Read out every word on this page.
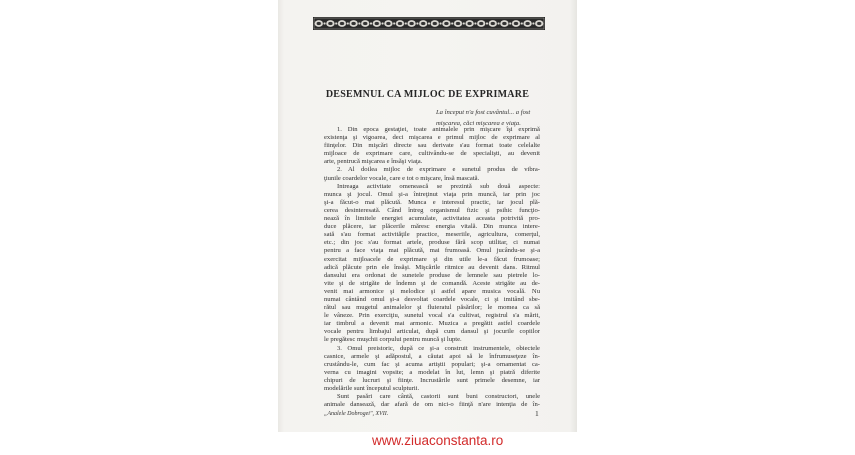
DESEMNUL CA MIJLOC DE EXPRIMARE
La început n'a fost cuvântul... a fost
mişcarea, căci mişcarea e viaţa.
1. Din epoca gestaţiei, toate animalele prin mişcare îşi exprimă
existenţa şi vigoarea, deci mişcarea e primul mijloc de exprimare al
fiinţelor. Din mişcări directe sau derivate s'au format toate celelalte
mijloace de exprimare care, cultivându-se de specialişti, au devenit
arte, pentrucă mişcarea e însăşi viaţa.
2. Al doilea mijloc de exprimare e sunetul produs de vibra-
ţiunile coardelor vocale, care e tot o mişcare, însă mascată.
Intreaga activitate omenească se prezintă sub două aspecte:
munca şi jocul. Omul şi-a întreţinut viaţa prin muncă, iar prin joc
şi-a făcut-o mai plăcută. Munca e interesul practic, iar jocul plă-
cerea desinteresată. Când întreg organismul fizic şi psihic funcţio-
nează în limitele energiei acumulate, activitatea aceasta potrivită pro-
duce plăcere, iar plăcerile măresc energia vitală. Din munca intere-
sată s'au format activităţile practice, meseriile, agricultura, comerţul,
etc.; din joc s'au format artele, produse fără scop utilitar, ci numai
pentru a face viaţa mai plăcută, mai frumoasă. Omul jucându-se şi-a
exercitat mijloacele de exprimare şi din utile le-a făcut frumoase;
adică plăcute prin ele însăşi. Mişcările ritmice au devenit dans. Ritmul
dansului era ordonat de sunetele produse de lemnele sau pietrele lo-
vite şi de strigăte de îndemn şi de comandă. Aceste strigăte au de-
venit mai armonice şi melodice şi astfel apare musica vocală. Nu
numai cântând omul şi-a desvoltat coardele vocale, ci şi imitând sbe-
rătul sau mugetul animalelor şi fluieratul păsărilor; le momea ca să
le vâneze. Prin exerciţiu, sunetul vocal s'a cultivat, registrul s'a mărit,
iar timbrul a devenit mai armonic. Muzica a pregătit astfel coardele
vocale pentru limbajul articulat, după cum dansul şi jocurile copiilor
le pregătesc muşchii corpului pentru muncă şi lupte.
3. Omul preistoric, după ce şi-a construit instrumentele, obiectele
casnice, armele şi adăpostul, a căutat apoi să le înfrumuseţeze în-
crustându-le, cum fac şi acuma artiştii populari; şi-a ornamentat ca-
verna cu imagini vopsite; a modelat în lut, lemn şi piatră diferite
chipuri de lucruri şi fiinţe. Incrustările sunt primele desemne, iar
modelările sunt începutul sculpturii.
Sunt pasări care cântă, castorii sunt buni constructori, unele
animale dansează, dar afară de om nici-o fiinţă n'are intenţia de în-
„Analele Dobrogei", XVII.	1
www.ziuaconstanta.ro
